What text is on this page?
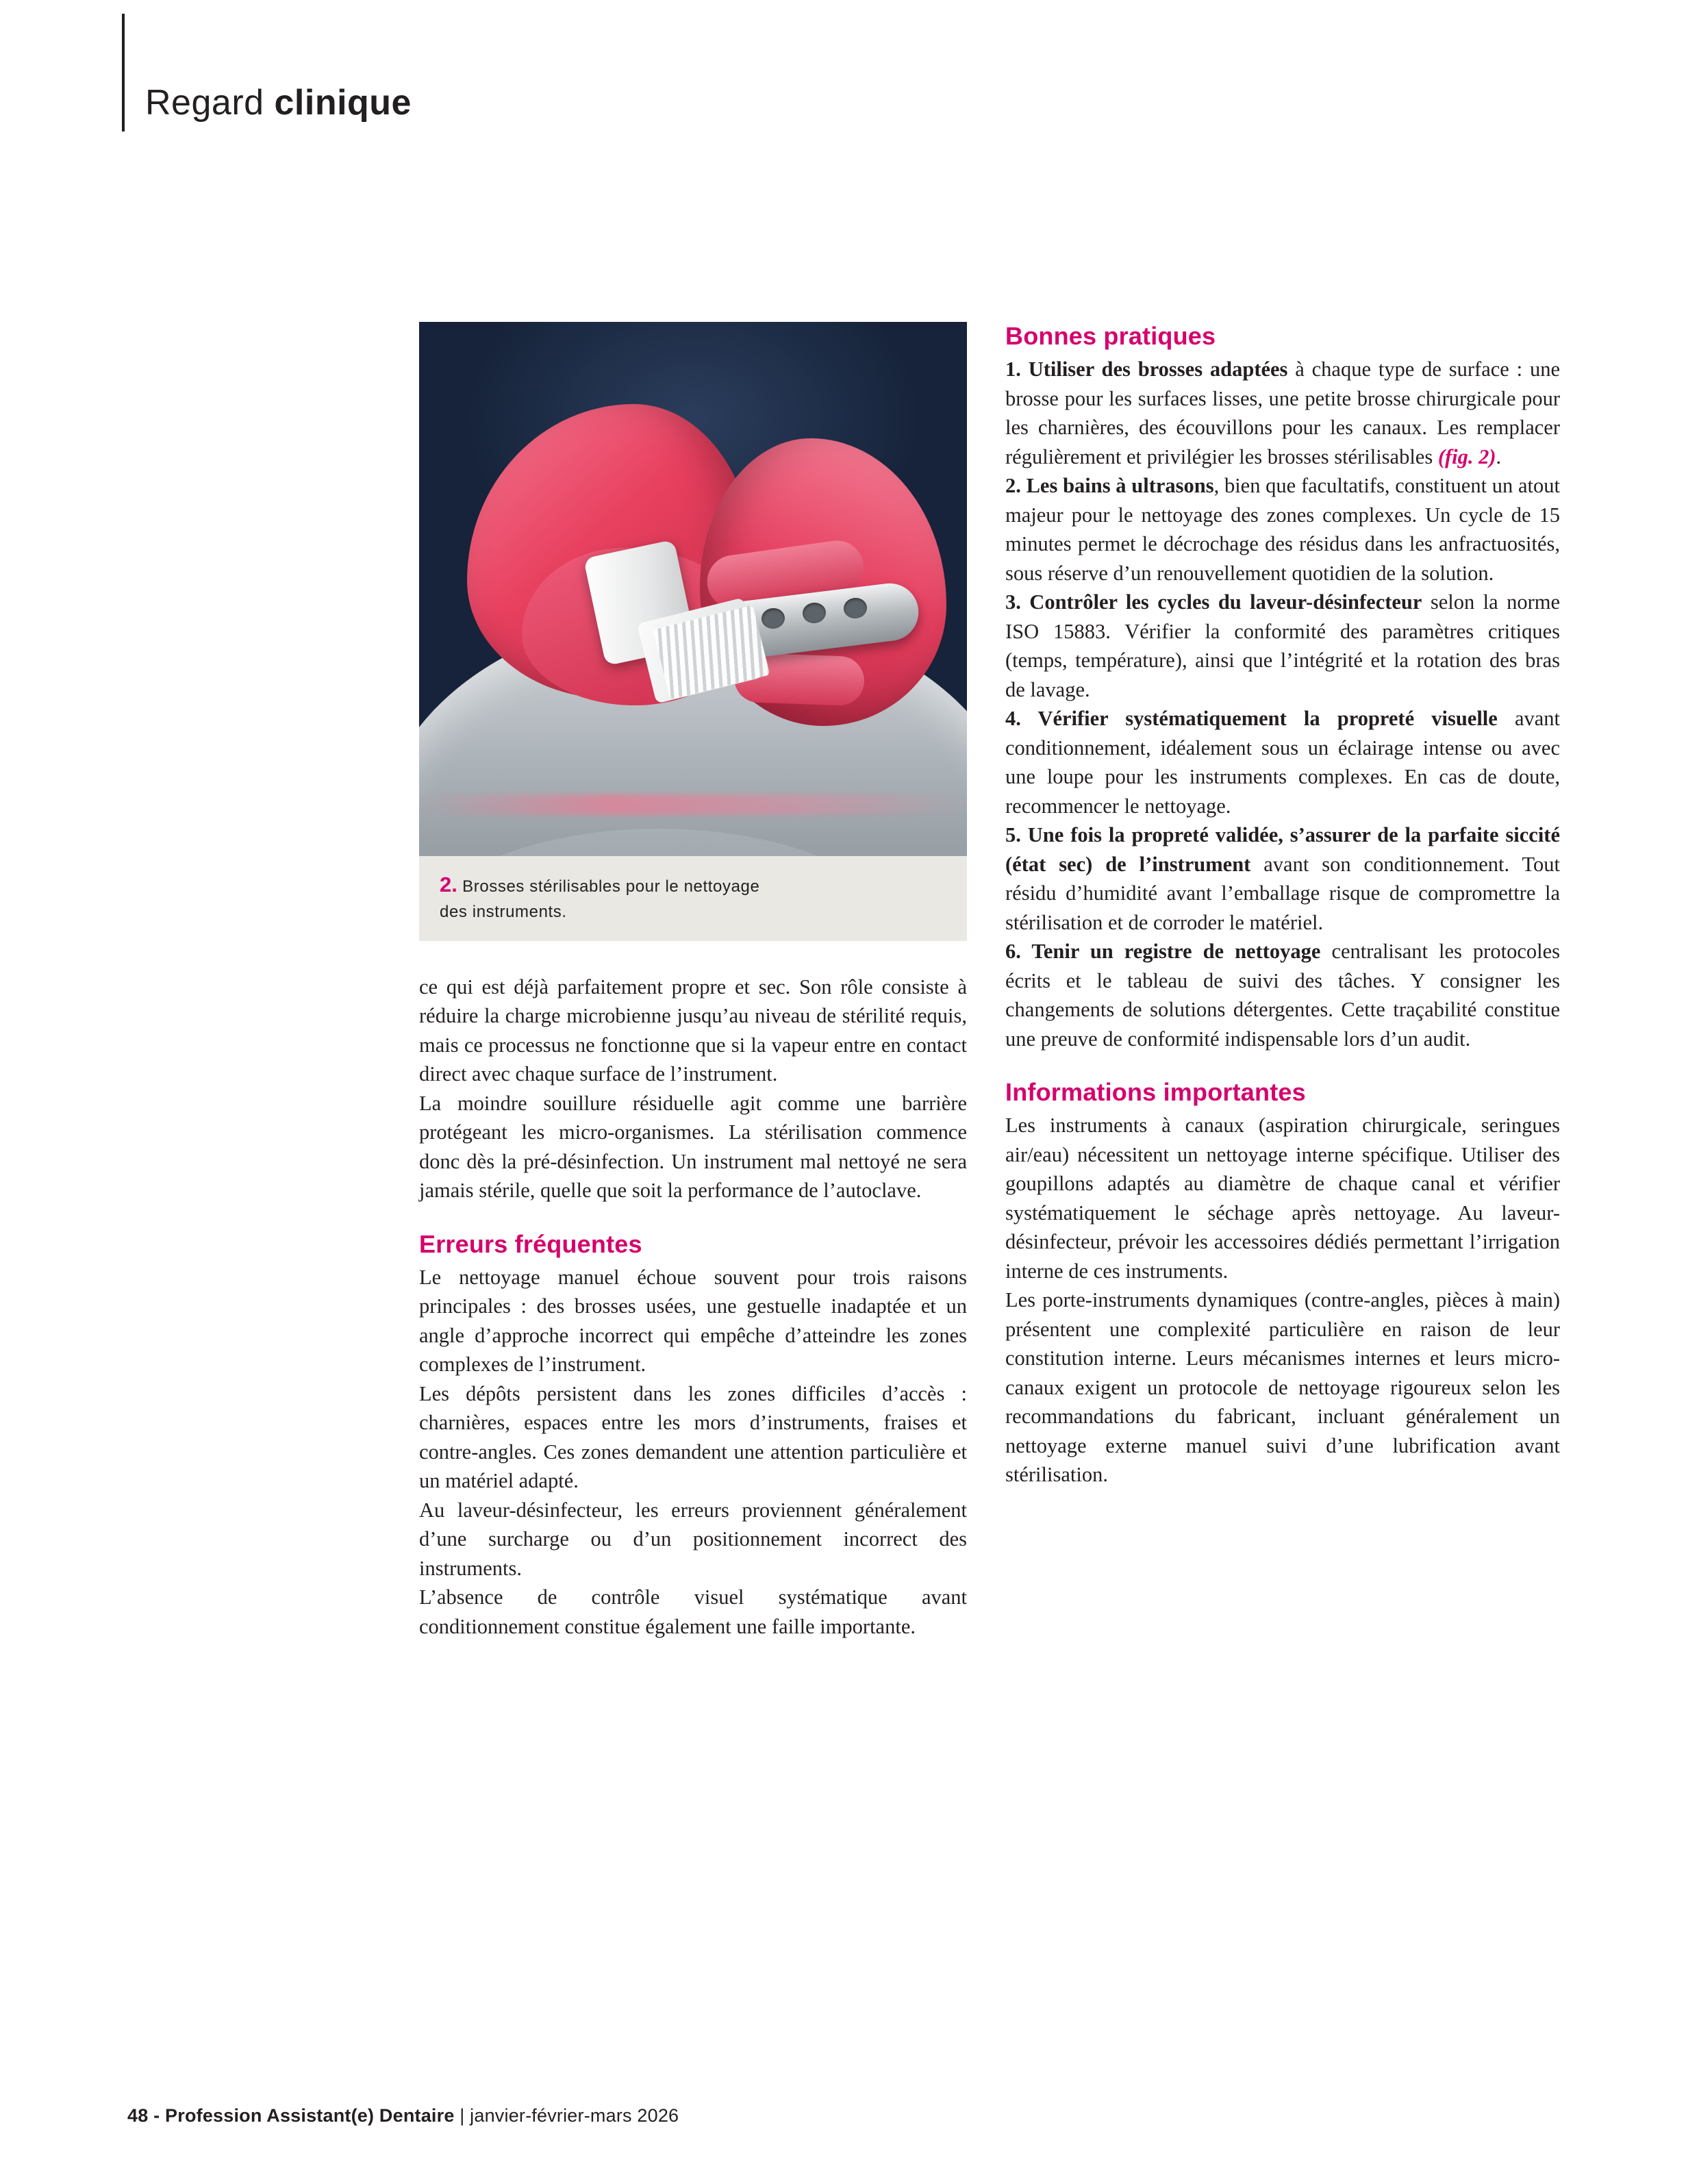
Regard clinique
2. Brosses stérilisables pour le nettoyage
des instruments.

ce qui est déjà parfaitement propre et sec. Son rôle consiste à réduire la charge microbienne jusqu’au niveau de stérilité requis, mais ce processus ne fonctionne que si la vapeur entre en contact direct avec chaque surface de l’instrument.

La moindre souillure résiduelle agit comme une barrière protégeant les micro-organismes. La stérilisation commence donc dès la pré-désinfection. Un instrument mal nettoyé ne sera jamais stérile, quelle que soit la performance de l’autoclave.

Erreurs fréquentes

Le nettoyage manuel échoue souvent pour trois raisons principales : des brosses usées, une gestuelle inadaptée et un angle d’approche incorrect qui empêche d’atteindre les zones complexes de l’instrument.

Les dépôts persistent dans les zones difficiles d’accès : charnières, espaces entre les mors d’instruments, fraises et contre-angles. Ces zones demandent une attention particulière et un matériel adapté.

Au laveur-désinfecteur, les erreurs proviennent généralement d’une surcharge ou d’un positionnement incorrect des instruments.

L’absence de contrôle visuel systématique avant conditionnement constitue également une faille importante.

Bonnes pratiques

1. Utiliser des brosses adaptées à chaque type de surface : une brosse pour les surfaces lisses, une petite brosse chirurgicale pour les charnières, des écouvillons pour les canaux. Les remplacer régulièrement et privilégier les brosses stérilisables (fig. 2).

2. Les bains à ultrasons, bien que facultatifs, constituent un atout majeur pour le nettoyage des zones complexes. Un cycle de 15 minutes permet le décrochage des résidus dans les anfractuosités, sous réserve d’un renouvellement quotidien de la solution.

3. Contrôler les cycles du laveur-désinfecteur selon la norme ISO 15883. Vérifier la conformité des paramètres critiques (temps, température), ainsi que l’intégrité et la rotation des bras de lavage.

4. Vérifier systématiquement la propreté visuelle avant conditionnement, idéalement sous un éclairage intense ou avec une loupe pour les instruments complexes. En cas de doute, recommencer le nettoyage.

5. Une fois la propreté validée, s’assurer de la parfaite siccité (état sec) de l’instrument avant son conditionnement. Tout résidu d’humidité avant l’emballage risque de compromettre la stérilisation et de corroder le matériel.

6. Tenir un registre de nettoyage centralisant les protocoles écrits et le tableau de suivi des tâches. Y consigner les changements de solutions détergentes. Cette traçabilité constitue une preuve de conformité indispensable lors d’un audit.

Informations importantes

Les instruments à canaux (aspiration chirurgicale, seringues air/eau) nécessitent un nettoyage interne spécifique. Utiliser des goupillons adaptés au diamètre de chaque canal et vérifier systématiquement le séchage après nettoyage. Au laveur-désinfecteur, prévoir les accessoires dédiés permettant l’irrigation interne de ces instruments.

Les porte-instruments dynamiques (contre-angles, pièces à main) présentent une complexité particulière en raison de leur constitution interne. Leurs mécanismes internes et leurs micro-canaux exigent un protocole de nettoyage rigoureux selon les recommandations du fabricant, incluant généralement un nettoyage externe manuel suivi d’une lubrification avant stérilisation.

48 - Profession Assistant(e) Dentaire | janvier-février-mars 2026
